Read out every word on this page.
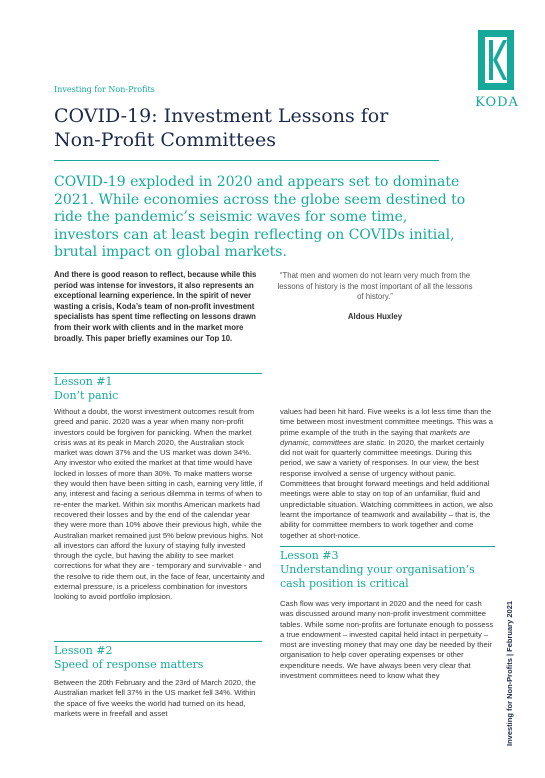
KODA
Investing for Non-Profits
COVID-19: Investment Lessons for
Non-Profit Committees
COVID-19 exploded in 2020 and appears set to dominate 2021. While economies across the globe seem destined to ride the pandemic’s seismic waves for some time, investors can at least begin reflecting on COVIDs initial, brutal impact on global markets.
And there is good reason to reflect, because while this period was intense for investors, it also represents an exceptional learning experience. In the spirit of never wasting a crisis, Koda’s team of non-profit investment specialists has spent time reflecting on lessons drawn from their work with clients and in the market more broadly. This paper briefly examines our Top 10.
“That men and women do not learn very much from the lessons of history is the most important of all the lessons of history.”
Aldous Huxley
Lesson #1
Don’t panic
Without a doubt, the worst investment outcomes result from greed and panic. 2020 was a year when many non-profit investors could be forgiven for panicking. When the market crisis was at its peak in March 2020, the Australian stock market was down 37% and the US market was down 34%. Any investor who exited the market at that time would have locked in losses of more than 30%. To make matters worse they would then have been sitting in cash, earning very little, if any, interest and facing a serious dilemma in terms of when to re-enter the market. Within six months American markets had recovered their losses and by the end of the calendar year they were more than 10% above their previous high, while the Australian market remained just 5% below previous highs. Not all investors can afford the luxury of staying fully invested through the cycle, but having the ability to see market corrections for what they are - temporary and survivable - and the resolve to ride them out, in the face of fear, uncertainty and external pressure, is a priceless combination for investors looking to avoid portfolio implosion.
Lesson #2
Speed of response matters
Between the 20th February and the 23rd of March 2020, the Australian market fell 37% in the US market fell 34%. Within the space of five weeks the world had turned on its head, markets were in freefall and asset
values had been hit hard. Five weeks is a lot less time than the time between most investment committee meetings. This was a prime example of the truth in the saying that markets are dynamic, committees are static. In 2020, the market certainly did not wait for quarterly committee meetings. During this period, we saw a variety of responses. In our view, the best response involved a sense of urgency without panic. Committees that brought forward meetings and held additional meetings were able to stay on top of an unfamiliar, fluid and unpredictable situation. Watching committees in action, we also learnt the importance of teamwork and availability – that is, the ability for committee members to work together and come together at short-notice.
Lesson #3
Understanding your organisation’s cash position is critical
Cash flow was very important in 2020 and the need for cash was discussed around many non-profit investment committee tables. While some non-profits are fortunate enough to possess a true endowment – invested capital held intact in perpetuity – most are investing money that may one day be needed by their organisation to help cover operating expenses or other expenditure needs. We have always been very clear that investment committees need to know what they	Investing for Non-Profits | February 2021
